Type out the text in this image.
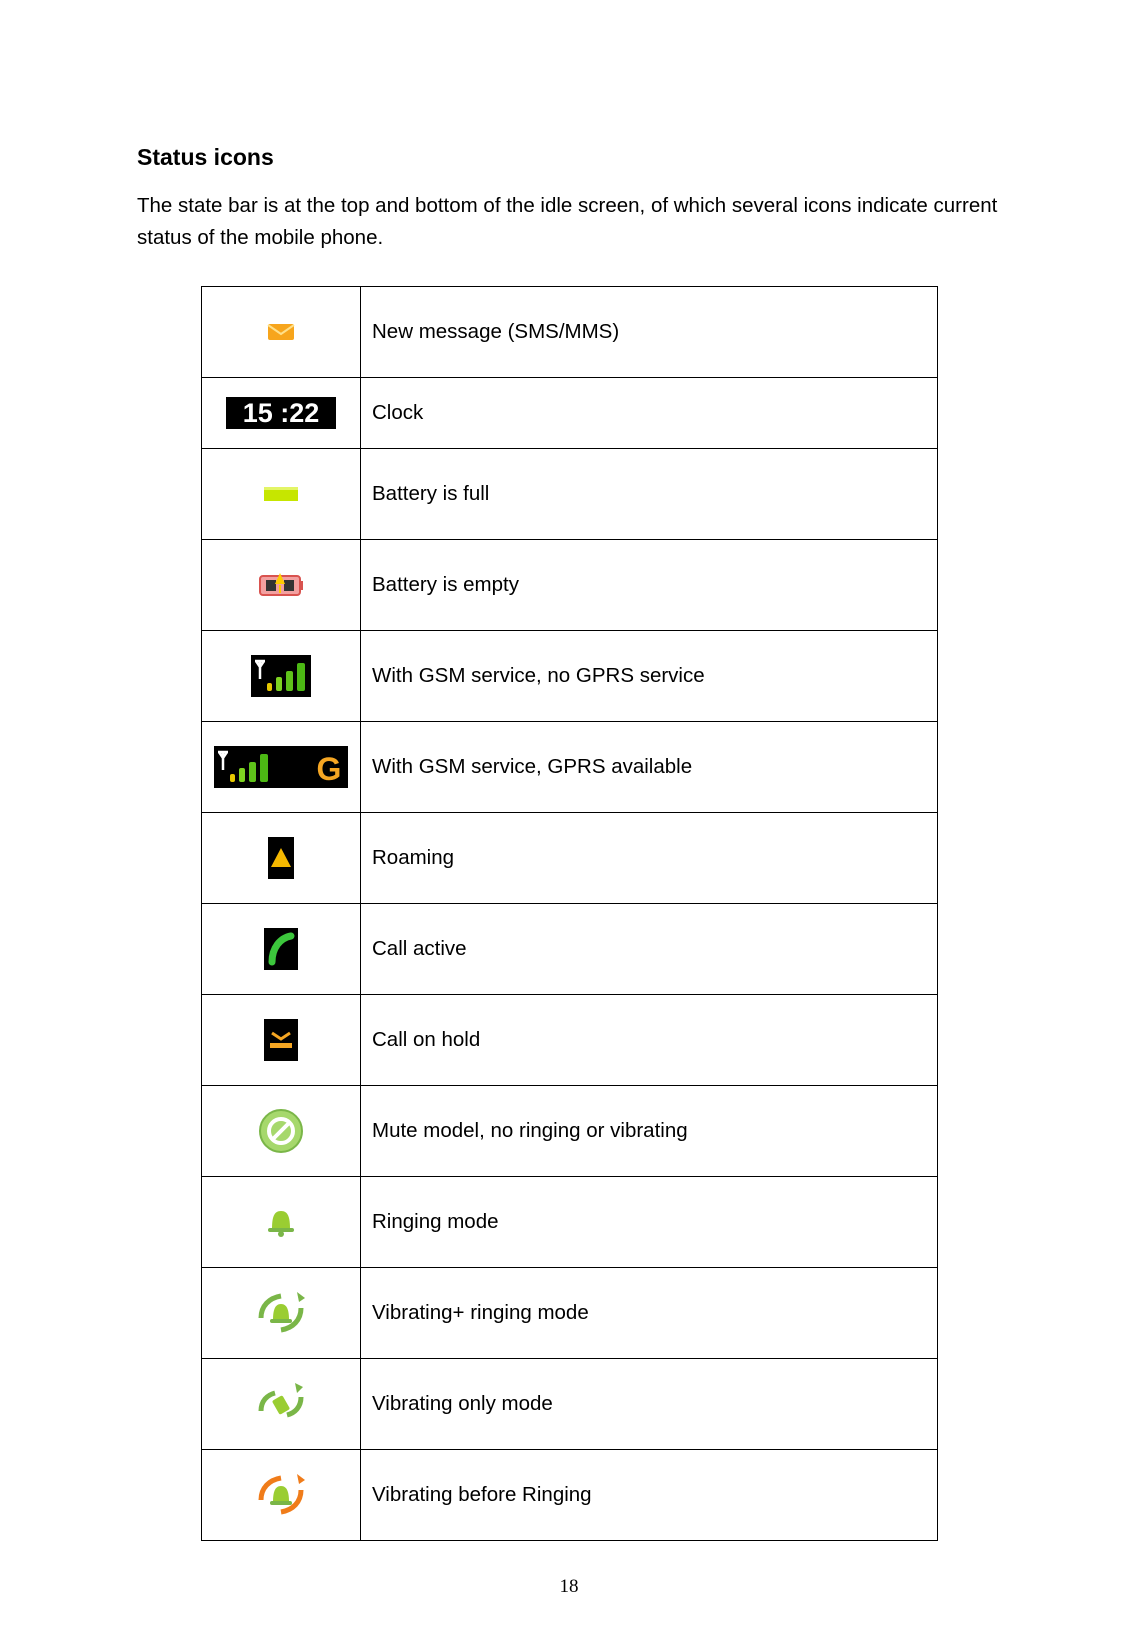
Status icons

The state bar is at the top and bottom of the idle screen, of which several icons indicate current status of the mobile phone.

	New message (SMS/MMS)

15 :22	Clock
	Battery is full
	Battery is empty
	With GSM service, no GPRS service

G	With GSM service, GPRS available
	Roaming
	Call active
	Call on hold
	Mute model, no ringing or vibrating
	Ringing mode
	Vibrating+ ringing mode
	Vibrating only mode
	Vibrating before Ringing
18
